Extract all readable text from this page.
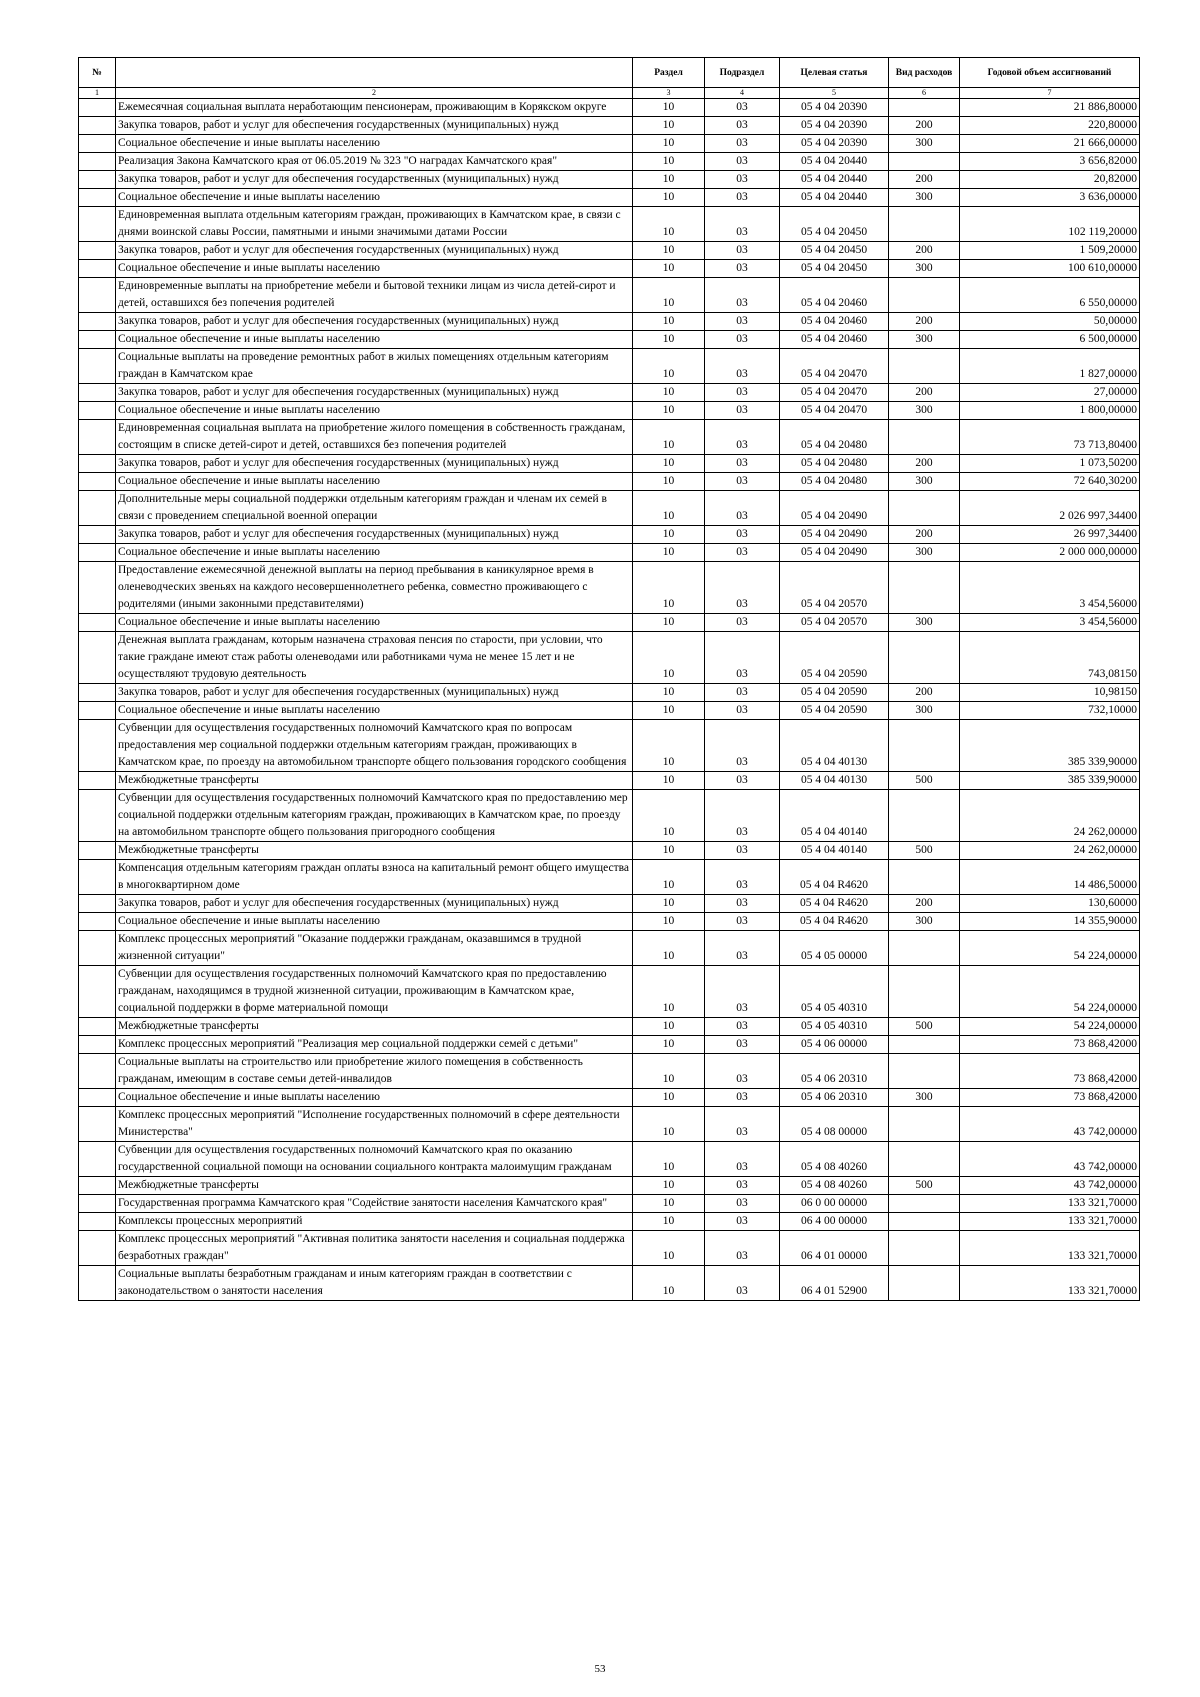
№		Раздел	Подраздел	Целевая статья	Вид расходов	Годовой объем ассигнований
1	2	3	4	5	6	7
	Ежемесячная социальная выплата неработающим пенсионерам, проживающим в Корякском округе	10	03	05 4 04 20390		21 886,80000
	Закупка товаров, работ и услуг для обеспечения государственных (муниципальных) нужд	10	03	05 4 04 20390	200	220,80000
	Социальное обеспечение и иные выплаты населению	10	03	05 4 04 20390	300	21 666,00000
	Реализация Закона Камчатского края от 06.05.2019 № 323 "О наградах Камчатского края"	10	03	05 4 04 20440		3 656,82000
	Закупка товаров, работ и услуг для обеспечения государственных (муниципальных) нужд	10	03	05 4 04 20440	200	20,82000
	Социальное обеспечение и иные выплаты населению	10	03	05 4 04 20440	300	3 636,00000
	Единовременная выплата отдельным категориям граждан, проживающих в Камчатском крае, в связи с днями воинской славы России, памятными и иными значимыми датами России	10	03	05 4 04 20450		102 119,20000
	Закупка товаров, работ и услуг для обеспечения государственных (муниципальных) нужд	10	03	05 4 04 20450	200	1 509,20000
	Социальное обеспечение и иные выплаты населению	10	03	05 4 04 20450	300	100 610,00000
	Единовременные выплаты на приобретение мебели и бытовой техники лицам из числа детей-сирот и детей, оставшихся без попечения родителей	10	03	05 4 04 20460		6 550,00000
	Закупка товаров, работ и услуг для обеспечения государственных (муниципальных) нужд	10	03	05 4 04 20460	200	50,00000
	Социальное обеспечение и иные выплаты населению	10	03	05 4 04 20460	300	6 500,00000
	Социальные выплаты на проведение ремонтных работ в жилых помещениях отдельным категориям граждан в Камчатском крае	10	03	05 4 04 20470		1 827,00000
	Закупка товаров, работ и услуг для обеспечения государственных (муниципальных) нужд	10	03	05 4 04 20470	200	27,00000
	Социальное обеспечение и иные выплаты населению	10	03	05 4 04 20470	300	1 800,00000
	Единовременная социальная выплата на приобретение жилого помещения в собственность гражданам, состоящим в списке детей-сирот и детей, оставшихся без попечения родителей	10	03	05 4 04 20480		73 713,80400
	Закупка товаров, работ и услуг для обеспечения государственных (муниципальных) нужд	10	03	05 4 04 20480	200	1 073,50200
	Социальное обеспечение и иные выплаты населению	10	03	05 4 04 20480	300	72 640,30200
	Дополнительные меры социальной поддержки отдельным категориям граждан и членам их семей в связи с проведением специальной военной операции	10	03	05 4 04 20490		2 026 997,34400
	Закупка товаров, работ и услуг для обеспечения государственных (муниципальных) нужд	10	03	05 4 04 20490	200	26 997,34400
	Социальное обеспечение и иные выплаты населению	10	03	05 4 04 20490	300	2 000 000,00000
	Предоставление ежемесячной денежной выплаты на период пребывания в каникулярное время в оленеводческих звеньях на каждого несовершеннолетнего ребенка, совместно проживающего с родителями (иными законными представителями)	10	03	05 4 04 20570		3 454,56000
	Социальное обеспечение и иные выплаты населению	10	03	05 4 04 20570	300	3 454,56000
	Денежная выплата гражданам, которым назначена страховая пенсия по старости, при условии, что такие граждане имеют стаж работы оленеводами или работниками чума не менее 15 лет и не осуществляют трудовую деятельность	10	03	05 4 04 20590		743,08150
	Закупка товаров, работ и услуг для обеспечения государственных (муниципальных) нужд	10	03	05 4 04 20590	200	10,98150
	Социальное обеспечение и иные выплаты населению	10	03	05 4 04 20590	300	732,10000
	Субвенции для осуществления государственных полномочий Камчатского края по вопросам предоставления мер социальной поддержки отдельным категориям граждан, проживающих в Камчатском крае, по проезду на автомобильном транспорте общего пользования городского сообщения	10	03	05 4 04 40130		385 339,90000
	Межбюджетные трансферты	10	03	05 4 04 40130	500	385 339,90000
	Субвенции для осуществления государственных полномочий Камчатского края по предоставлению мер социальной поддержки отдельным категориям граждан, проживающих в Камчатском крае, по проезду на автомобильном транспорте общего пользования пригородного сообщения	10	03	05 4 04 40140		24 262,00000
	Межбюджетные трансферты	10	03	05 4 04 40140	500	24 262,00000
	Компенсация отдельным категориям граждан оплаты взноса на капитальный ремонт общего имущества в многоквартирном доме	10	03	05 4 04 R4620		14 486,50000
	Закупка товаров, работ и услуг для обеспечения государственных (муниципальных) нужд	10	03	05 4 04 R4620	200	130,60000
	Социальное обеспечение и иные выплаты населению	10	03	05 4 04 R4620	300	14 355,90000
	Комплекс процессных мероприятий "Оказание поддержки гражданам, оказавшимся в трудной жизненной ситуации"	10	03	05 4 05 00000		54 224,00000
	Субвенции для осуществления государственных полномочий Камчатского края по предоставлению гражданам, находящимся в трудной жизненной ситуации, проживающим в Камчатском крае, социальной поддержки в форме материальной помощи	10	03	05 4 05 40310		54 224,00000
	Межбюджетные трансферты	10	03	05 4 05 40310	500	54 224,00000
	Комплекс процессных мероприятий "Реализация мер социальной поддержки семей с детьми"	10	03	05 4 06 00000		73 868,42000
	Социальные выплаты на строительство или приобретение жилого помещения в собственность гражданам, имеющим в составе семьи детей-инвалидов	10	03	05 4 06 20310		73 868,42000
	Социальное обеспечение и иные выплаты населению	10	03	05 4 06 20310	300	73 868,42000
	Комплекс процессных мероприятий "Исполнение государственных полномочий в сфере деятельности Министерства"	10	03	05 4 08 00000		43 742,00000
	Субвенции для осуществления государственных полномочий Камчатского края по оказанию государственной социальной помощи на основании социального контракта малоимущим гражданам	10	03	05 4 08 40260		43 742,00000
	Межбюджетные трансферты	10	03	05 4 08 40260	500	43 742,00000
	Государственная программа Камчатского края "Содействие занятости населения Камчатского края"	10	03	06 0 00 00000		133 321,70000
	Комплексы процессных мероприятий	10	03	06 4 00 00000		133 321,70000
	Комплекс процессных мероприятий "Активная политика занятости населения и социальная поддержка безработных граждан"	10	03	06 4 01 00000		133 321,70000
	Социальные выплаты безработным гражданам и иным категориям граждан в соответствии с законодательством о занятости населения	10	03	06 4 01 52900		133 321,70000
53
